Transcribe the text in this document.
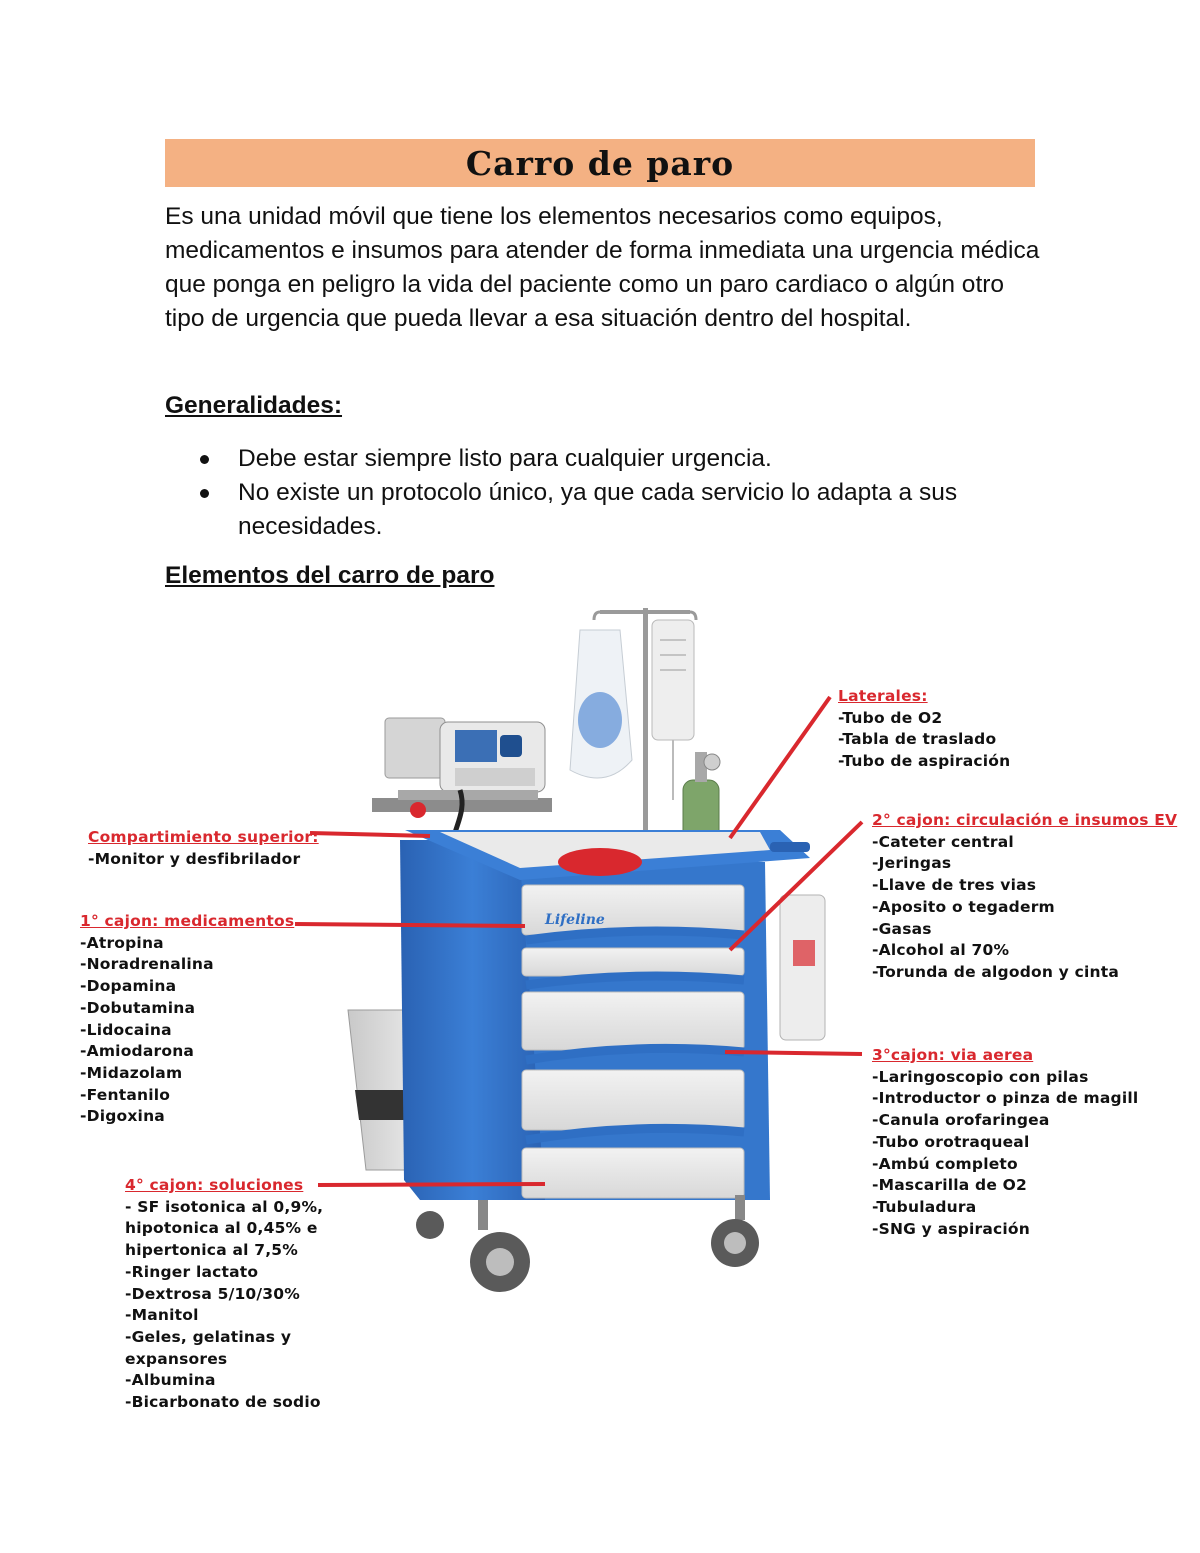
Carro de paro

Es una unidad móvil que tiene los elementos necesarios como equipos, medicamentos e insumos para atender de forma inmediata una urgencia médica que ponga en peligro la vida del paciente como un paro cardiaco o algún otro tipo de urgencia que pueda llevar a esa situación dentro del hospital.

Generalidades:

Debe estar siempre listo para cualquier urgencia.
No existe un protocolo único, ya que cada servicio lo adapta a sus necesidades.

Elementos del carro de paro

Lifeline
Laterales:
-Tubo de O2
-Tabla de traslado
-Tubo de aspiración
Compartimiento superior:
-Monitor y desfibrilador
1° cajon: medicamentos
-Atropina
-Noradrenalina
-Dopamina
-Dobutamina
-Lidocaina
-Amiodarona
-Midazolam
-Fentanilo
-Digoxina
2° cajon: circulación e insumos EV
-Cateter central
-Jeringas
-Llave de tres vias
-Aposito o tegaderm
-Gasas
-Alcohol al 70%
-Torunda de algodon y cinta
3°cajon: via aerea
-Laringoscopio con pilas
-Introductor o pinza de magill
-Canula orofaringea
-Tubo orotraqueal
-Ambú completo
-Mascarilla de O2
-Tubuladura
-SNG y aspiración
4° cajon: soluciones
- SF isotonica al 0,9%,
hipotonica al 0,45% e
hipertonica al 7,5%
-Ringer lactato
-Dextrosa 5/10/30%
-Manitol
-Geles, gelatinas y
expansores
-Albumina
-Bicarbonato de sodio
